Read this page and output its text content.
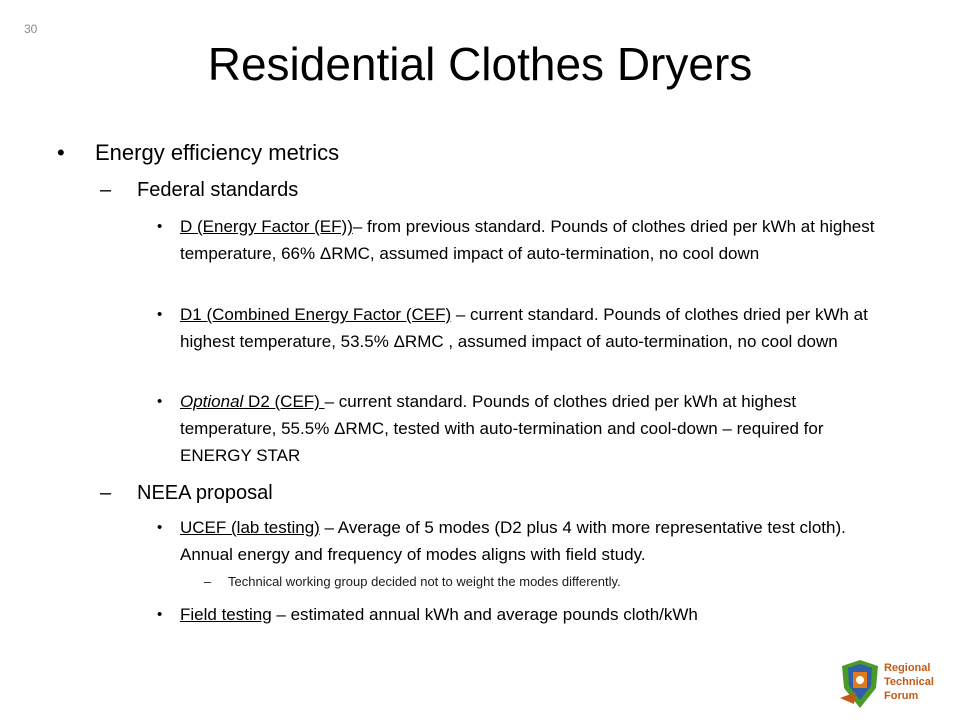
30
Residential Clothes Dryers

• Energy efficiency metrics

– Federal standards

• D (Energy Factor (EF))– from previous standard. Pounds of clothes dried per kWh at highest temperature, 66% ΔRMC, assumed impact of auto-termination, no cool down

• D1 (Combined Energy Factor (CEF) – current standard. Pounds of clothes dried per kWh at highest temperature, 53.5% ΔRMC , assumed impact of auto-termination, no cool down

• Optional D2 (CEF) – current standard. Pounds of clothes dried per kWh at highest temperature, 55.5% ΔRMC, tested with auto-termination and cool-down – required for ENERGY STAR

– NEEA proposal

• UCEF (lab testing) – Average of 5 modes (D2 plus 4 with more representative test cloth). Annual energy and frequency of modes aligns with field study.

– Technical working group decided not to weight the modes differently.

• Field testing – estimated annual kWh and average pounds cloth/kWh

Regional
Technical
Forum
